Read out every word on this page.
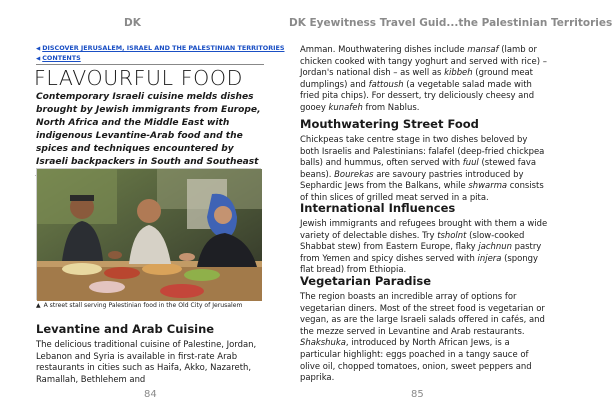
DK
◀ DISCOVER JERUSALEM, ISRAEL AND THE PALESTINIAN TERRITORIES
◀ CONTENTS
FLAVOURFUL FOOD
Contemporary Israeli cuisine melds dishes brought by Jewish immigrants from Europe, North Africa and the Middle East with indigenous Levantine-Arab food and the spices and techniques encountered by Israeli backpackers in South and Southeast
▲ A street stall serving Palestinian food in the Old City of Jerusalem
Levantine and Arab Cuisine
The delicious traditional cuisine of Palestine, Jordan, Lebanon and Syria is available in first-rate Arab restaurants in cities such as Haifa, Akko, Nazareth, Ramallah, Bethlehem and
84
DK Eyewitness Travel Guid...the Palestinian Territories
Amman. Mouthwatering dishes include mansaf (lamb or chicken cooked with tangy yoghurt and served with rice) – Jordan's national dish – as well as kibbeh (ground meat dumplings) and fattoush (a vegetable salad made with fried pita chips). For dessert, try deliciously cheesy and gooey kunafeh from Nablus.
Mouthwatering Street Food
Chickpeas take centre stage in two dishes beloved by both Israelis and Palestinians: falafel (deep-fried chickpea balls) and hummus, often served with fuul (stewed fava beans). Bourekas are savoury pastries introduced by Sephardic Jews from the Balkans, while shwarma consists of thin slices of grilled meat served in a pita.
International Influences
Jewish immigrants and refugees brought with them a wide variety of delectable dishes. Try tsholnt (slow-cooked Shabbat stew) from Eastern Europe, flaky jachnun pastry from Yemen and spicy dishes served with injera (spongy flat bread) from Ethiopia.
Vegetarian Paradise
The region boasts an incredible array of options for vegetarian diners. Most of the street food is vegetarian or vegan, as are the large Israeli salads offered in cafés, and the mezze served in Levantine and Arab restaurants. Shakshuka, introduced by North African Jews, is a particular highlight: eggs poached in a tangy sauce of olive oil, chopped tomatoes, onion, sweet peppers and paprika.
85
